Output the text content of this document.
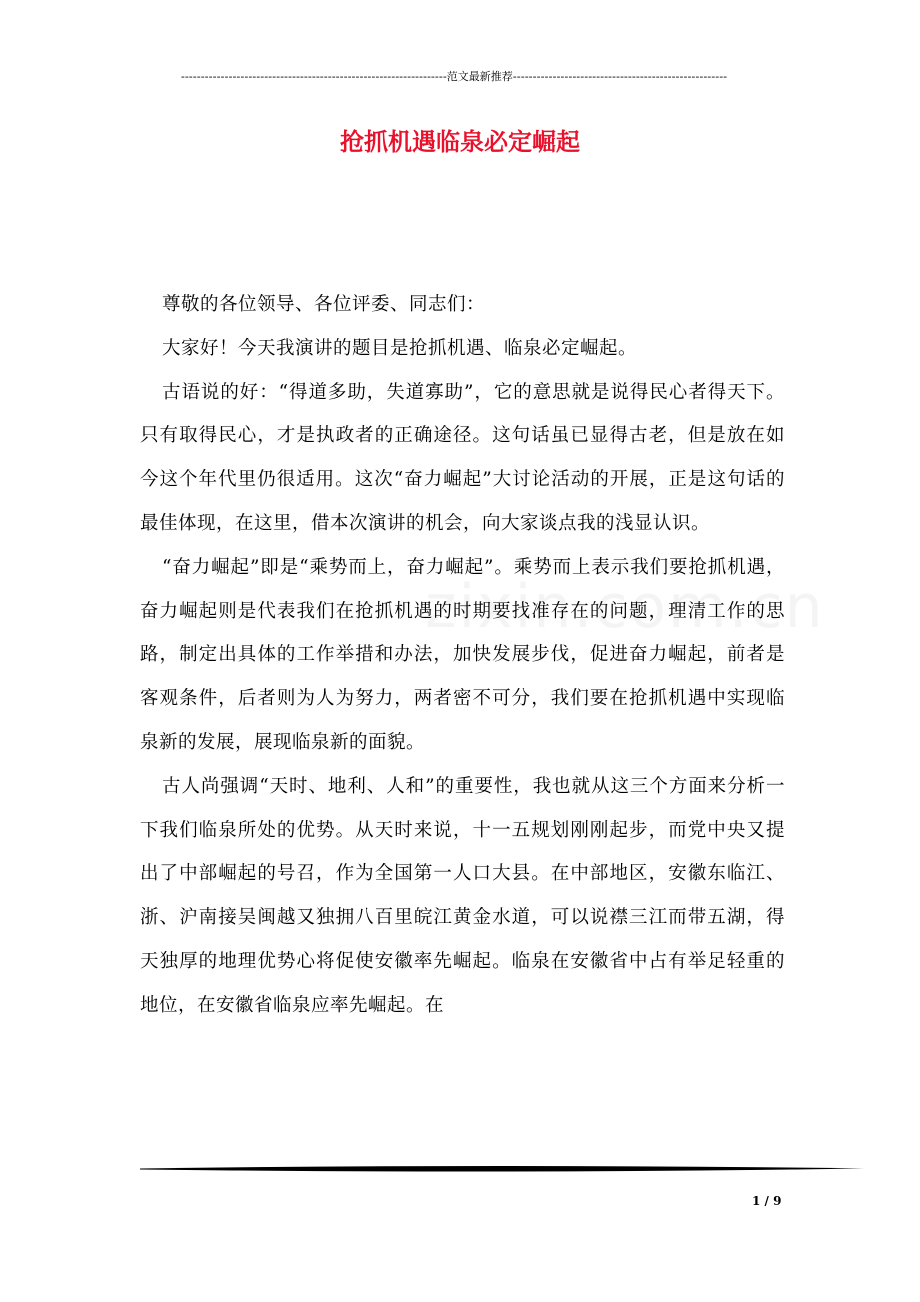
-------------------------------------------------------------------范文最新推荐------------------------------------------------------
抢抓机遇临泉必定崛起

尊敬的各位领导、各位评委、同志们：

大家好！今天我演讲的题目是抢抓机遇、临泉必定崛起。

古语说的好：“得道多助，失道寡助”，它的意思就是说得民心者得天下。只有取得民心，才是执政者的正确途径。这句话虽已显得古老，但是放在如今这个年代里仍很适用。这次“奋力崛起”大讨论活动的开展，正是这句话的最佳体现，在这里，借本次演讲的机会，向大家谈点我的浅显认识。

“奋力崛起”即是“乘势而上，奋力崛起”。乘势而上表示我们要抢抓机遇，奋力崛起则是代表我们在抢抓机遇的时期要找准存在的问题，理清工作的思路，制定出具体的工作举措和办法，加快发展步伐，促进奋力崛起，前者是客观条件，后者则为人为努力，两者密不可分，我们要在抢抓机遇中实现临泉新的发展，展现临泉新的面貌。

古人尚强调“天时、地利、人和”的重要性，我也就从这三个方面来分析一下我们临泉所处的优势。从天时来说，十一五规划刚刚起步，而党中央又提出了中部崛起的号召，作为全国第一人口大县。在中部地区，安徽东临江、浙、沪南接吴闽越又独拥八百里皖江黄金水道，可以说襟三江而带五湖，得天独厚的地理优势心将促使安徽率先崛起。临泉在安徽省中占有举足轻重的地位，在安徽省临泉应率先崛起。在

1 / 9
